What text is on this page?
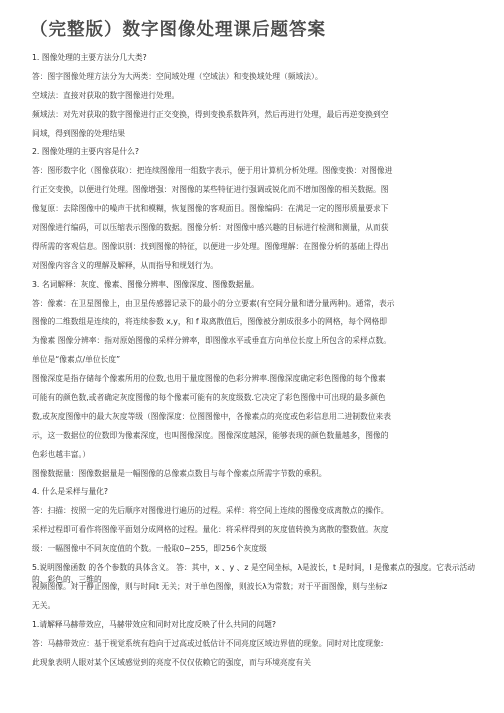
（完整版）数字图像处理课后题答案
1. 图像处理的主要方法分几大类?
答：图字图像处理方法分为大两类：空间域处理（空域法）和变换域处理（频域法）。
空域法：直接对获取的数字图像进行处理。
频域法：对先对获取的数字图像进行正交变换，得到变换系数阵列，然后再进行处理，最后再逆变换到空
间域，得到图像的处理结果
2. 图像处理的主要内容是什么?
答：图形数字化（图像获取）：把连续图像用一组数字表示，便于用计算机分析处理。图像变换：对图像进
行正交变换，以便进行处理。图像增强：对图像的某些特征进行强调或锐化而不增加图像的相关数据。图
像复原：去除图像中的噪声干扰和模糊，恢复图像的客观面目。图像编码：在满足一定的图形质量要求下
对图像进行编码，可以压缩表示图像的数据。图像分析：对图像中感兴趣的目标进行检测和测量，从而获
得所需的客观信息。图像识别：找到图像的特征，以便进一步处理。图像理解：在图像分析的基础上得出
对图像内容含义的理解及解释，从而指导和规划行为。
3. 名词解释：灰度、像素、图像分辨率、图像深度、图像数据量。
答：像素：在卫星图像上，由卫星传感器记录下的最小的分立要素(有空间分量和谱分量两种)。通常，表示
图像的二维数组是连续的，将连续参数 x,y，和 f 取离散值后，图像被分割成很多小的网格，每个网格即
为像素 图像分辨率：指对原始图像的采样分辨率，即图像水平或垂直方向单位长度上所包含的采样点数。
单位是“像素点/单位长度”
图像深度是指存储每个像素所用的位数,也用于量度图像的色彩分辨率.图像深度确定彩色图像的每个像素
可能有的颜色数,或者确定灰度图像的每个像素可能有的灰度级数.它决定了彩色图像中可出现的最多颜色
数,或灰度图像中的最大灰度等级（图像深度：位图图像中，各像素点的亮度或色彩信息用二进制数位来表
示，这一数据位的位数即为像素深度，也叫图像深度。图像深度越深，能够表现的颜色数量越多，图像的
色彩也越丰富。）
图像数据量：图像数据量是一幅图像的总像素点数目与每个像素点所需字节数的乘积。
4. 什么是采样与量化?
答：扫描：按照一定的先后顺序对图像进行遍历的过程。采样：将空间上连续的图像变成离散点的操作。
采样过程即可看作将图像平面划分成网格的过程。量化：将采样得到的灰度值转换为离散的整数值。灰度
级：一幅图像中不同灰度值的个数。一般取0~255，即256个灰度级
5.说明图像函数 的各个参数的具体含义。 答：其中，x 、y 、z 是空间坐标，λ是波长，t 是时间，I 是像素点的强度。它表示活动的、彩色的、三维的
视频图像。对于静止图像，则与时间t 无关；对于单色图像，则波长λ为常数；对于平面图像，则与坐标z
无关。
1.请解释马赫带效应，马赫带效应和同时对比度反映了什么共同的问题?
答：马赫带效应：基于视觉系统有趋向于过高或过低估计不同亮度区域边界值的现象。同时对比度现象:
此现象表明人眼对某个区域感觉到的亮度不仅仅依赖它的强度，而与环境亮度有关
